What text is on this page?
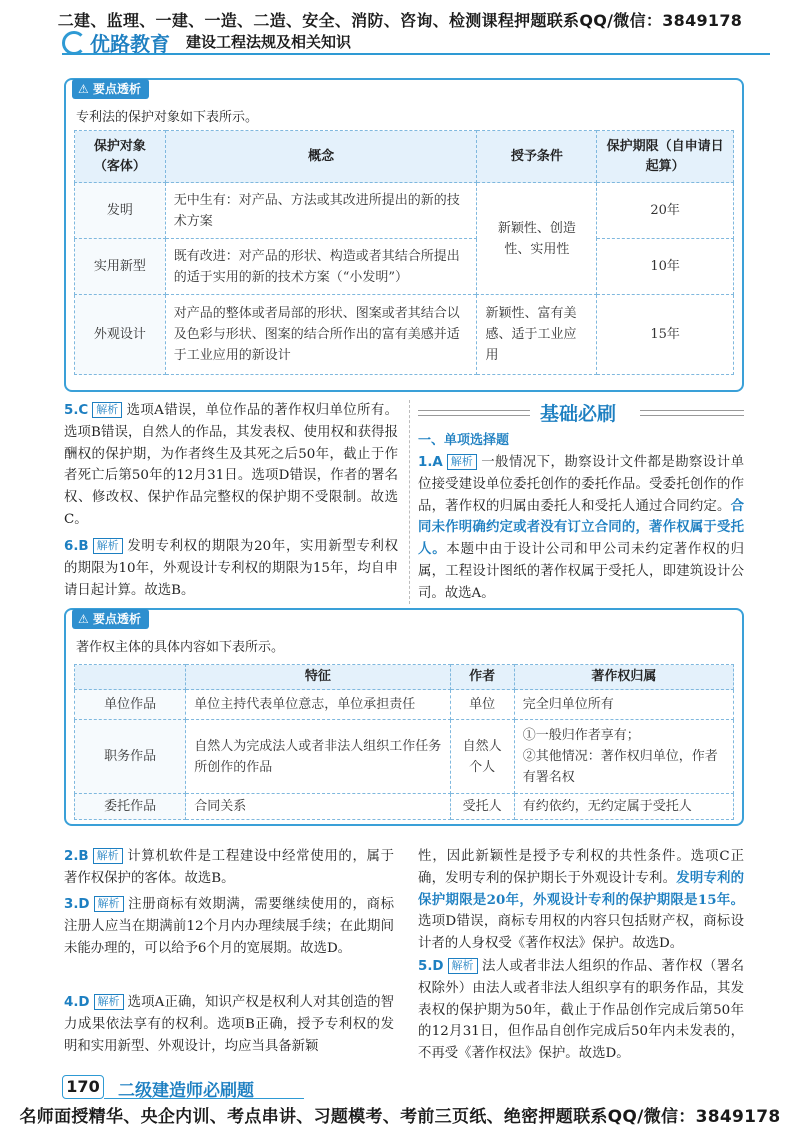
二建、监理、一建、一造、二造、安全、消防、咨询、检测课程押题联系QQ/微信：3849178
优路教育 建设工程法规及相关知识
⚠ 要点透析
专利法的保护对象如下表所示。
保护对象（客体）	概念	授予条件	保护期限（自申请日起算）
发明	无中生有：对产品、方法或其改进所提出的新的技术方案	新颖性、创造性、实用性	20年
实用新型	既有改进：对产品的形状、构造或者其结合所提出的适于实用的新的技术方案（“小发明”）		10年
外观设计	对产品的整体或者局部的形状、图案或者其结合以及色彩与形状、图案的结合所作出的富有美感并适于工业应用的新设计	新颖性、富有美感、适于工业应用	15年
5.C 解析 选项A错误，单位作品的著作权归单位所有。选项B错误，自然人的作品，其发表权、使用权和获得报酬权的保护期，为作者终生及其死之后50年，截止于作者死亡后第50年的12月31日。选项D错误，作者的署名权、修改权、保护作品完整权的保护期不受限制。故选C。
6.B 解析 发明专利权的期限为20年，实用新型专利权的期限为10年，外观设计专利权的期限为15年，均自申请日起计算。故选B。
基础必刷
一、单项选择题
1.A 解析 一般情况下，勘察设计文件都是勘察设计单位接受建设单位委托创作的委托作品。受委托创作的作品，著作权的归属由委托人和受托人通过合同约定。合同未作明确约定或者没有订立合同的，著作权属于受托人。本题中由于设计公司和甲公司未约定著作权的归属，工程设计图纸的著作权属于受托人，即建筑设计公司。故选A。
⚠ 要点透析
著作权主体的具体内容如下表所示。
	特征	作者	著作权归属
单位作品	单位主持代表单位意志，单位承担责任	单位	完全归单位所有
职务作品	自然人为完成法人或者非法人组织工作任务所创作的作品	自然人个人	①一般归作者享有；
②其他情况：著作权归单位，作者有署名权

委托作品	合同关系	受托人	有约依约，无约定属于受托人
2.B 解析 计算机软件是工程建设中经常使用的，属于著作权保护的客体。故选B。
3.D 解析 注册商标有效期满，需要继续使用的，商标注册人应当在期满前12个月内办理续展手续；在此期间未能办理的，可以给予6个月的宽展期。故选D。
4.D 解析 选项A正确，知识产权是权利人对其创造的智力成果依法享有的权利。选项B正确，授予专利权的发明和实用新型、外观设计，均应当具备新颖
性，因此新颖性是授予专利权的共性条件。选项C正确，发明专利的保护期长于外观设计专利。发明专利的保护期限是20年，外观设计专利的保护期限是15年。选项D错误，商标专用权的内容只包括财产权，商标设计者的人身权受《著作权法》保护。故选D。
5.D 解析 法人或者非法人组织的作品、著作权（署名权除外）由法人或者非法人组织享有的职务作品，其发表权的保护期为50年，截止于作品创作完成后第50年的12月31日，但作品自创作完成后50年内未发表的，不再受《著作权法》保护。故选D。
170 二级建造师必刷题
名师面授精华、央企内训、考点串讲、习题模考、考前三页纸、绝密押题联系QQ/微信：3849178
